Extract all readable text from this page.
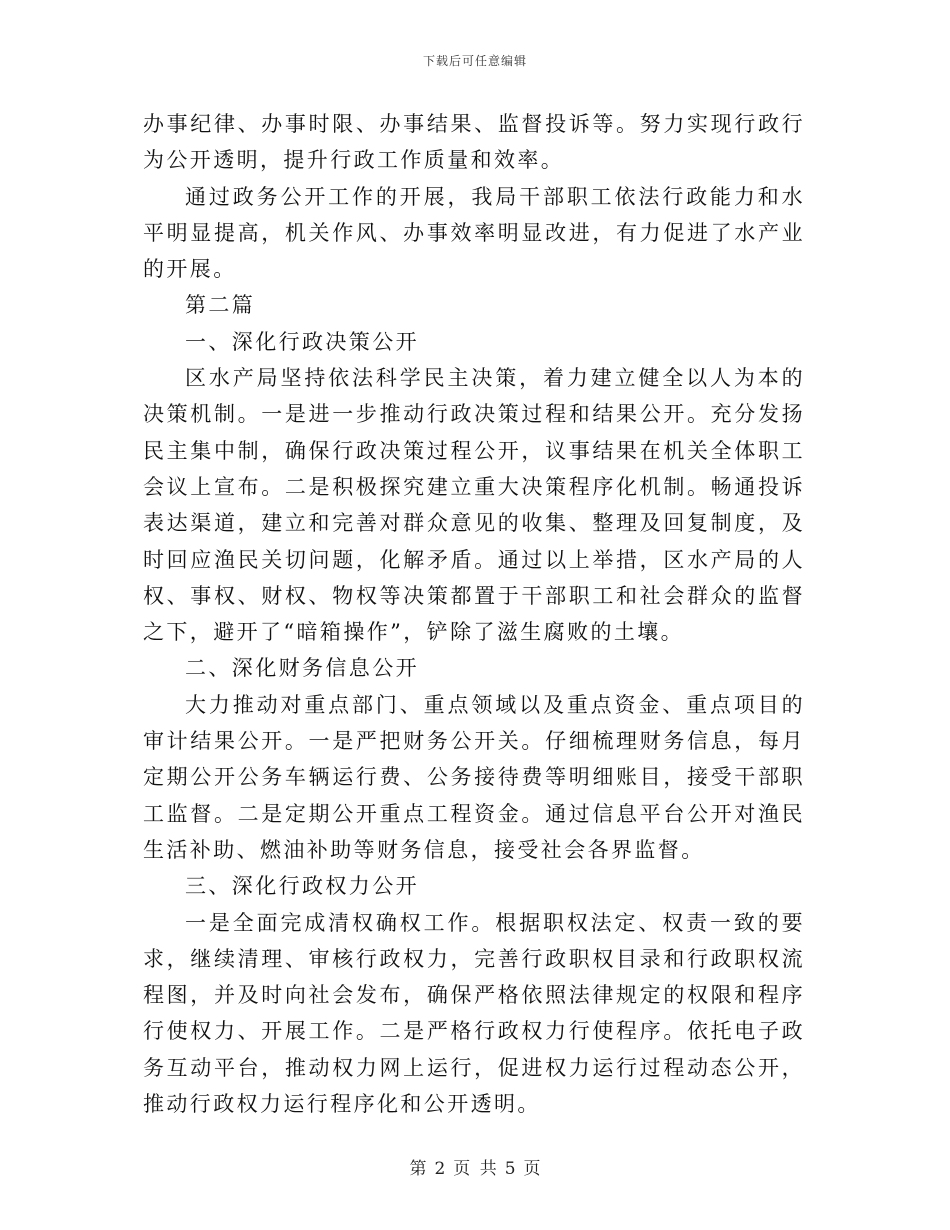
下载后可任意编辑

办事纪律、办事时限、办事结果、监督投诉等。努力实现行政行为公开透明，提升行政工作质量和效率。

通过政务公开工作的开展，我局干部职工依法行政能力和水平明显提高，机关作风、办事效率明显改进，有力促进了水产业的开展。

第二篇

一、深化行政决策公开

区水产局坚持依法科学民主决策，着力建立健全以人为本的决策机制。一是进一步推动行政决策过程和结果公开。充分发扬民主集中制，确保行政决策过程公开，议事结果在机关全体职工会议上宣布。二是积极探究建立重大决策程序化机制。畅通投诉表达渠道，建立和完善对群众意见的收集、整理及回复制度，及时回应渔民关切问题，化解矛盾。通过以上举措，区水产局的人权、事权、财权、物权等决策都置于干部职工和社会群众的监督之下，避开了“暗箱操作”，铲除了滋生腐败的土壤。

二、深化财务信息公开

大力推动对重点部门、重点领域以及重点资金、重点项目的审计结果公开。一是严把财务公开关。仔细梳理财务信息，每月定期公开公务车辆运行费、公务接待费等明细账目，接受干部职工监督。二是定期公开重点工程资金。通过信息平台公开对渔民生活补助、燃油补助等财务信息，接受社会各界监督。

三、深化行政权力公开

一是全面完成清权确权工作。根据职权法定、权责一致的要求，继续清理、审核行政权力，完善行政职权目录和行政职权流程图，并及时向社会发布，确保严格依照法律规定的权限和程序行使权力、开展工作。二是严格行政权力行使程序。依托电子政务互动平台，推动权力网上运行，促进权力运行过程动态公开，推动行政权力运行程序化和公开透明。

第 2 页 共 5 页
